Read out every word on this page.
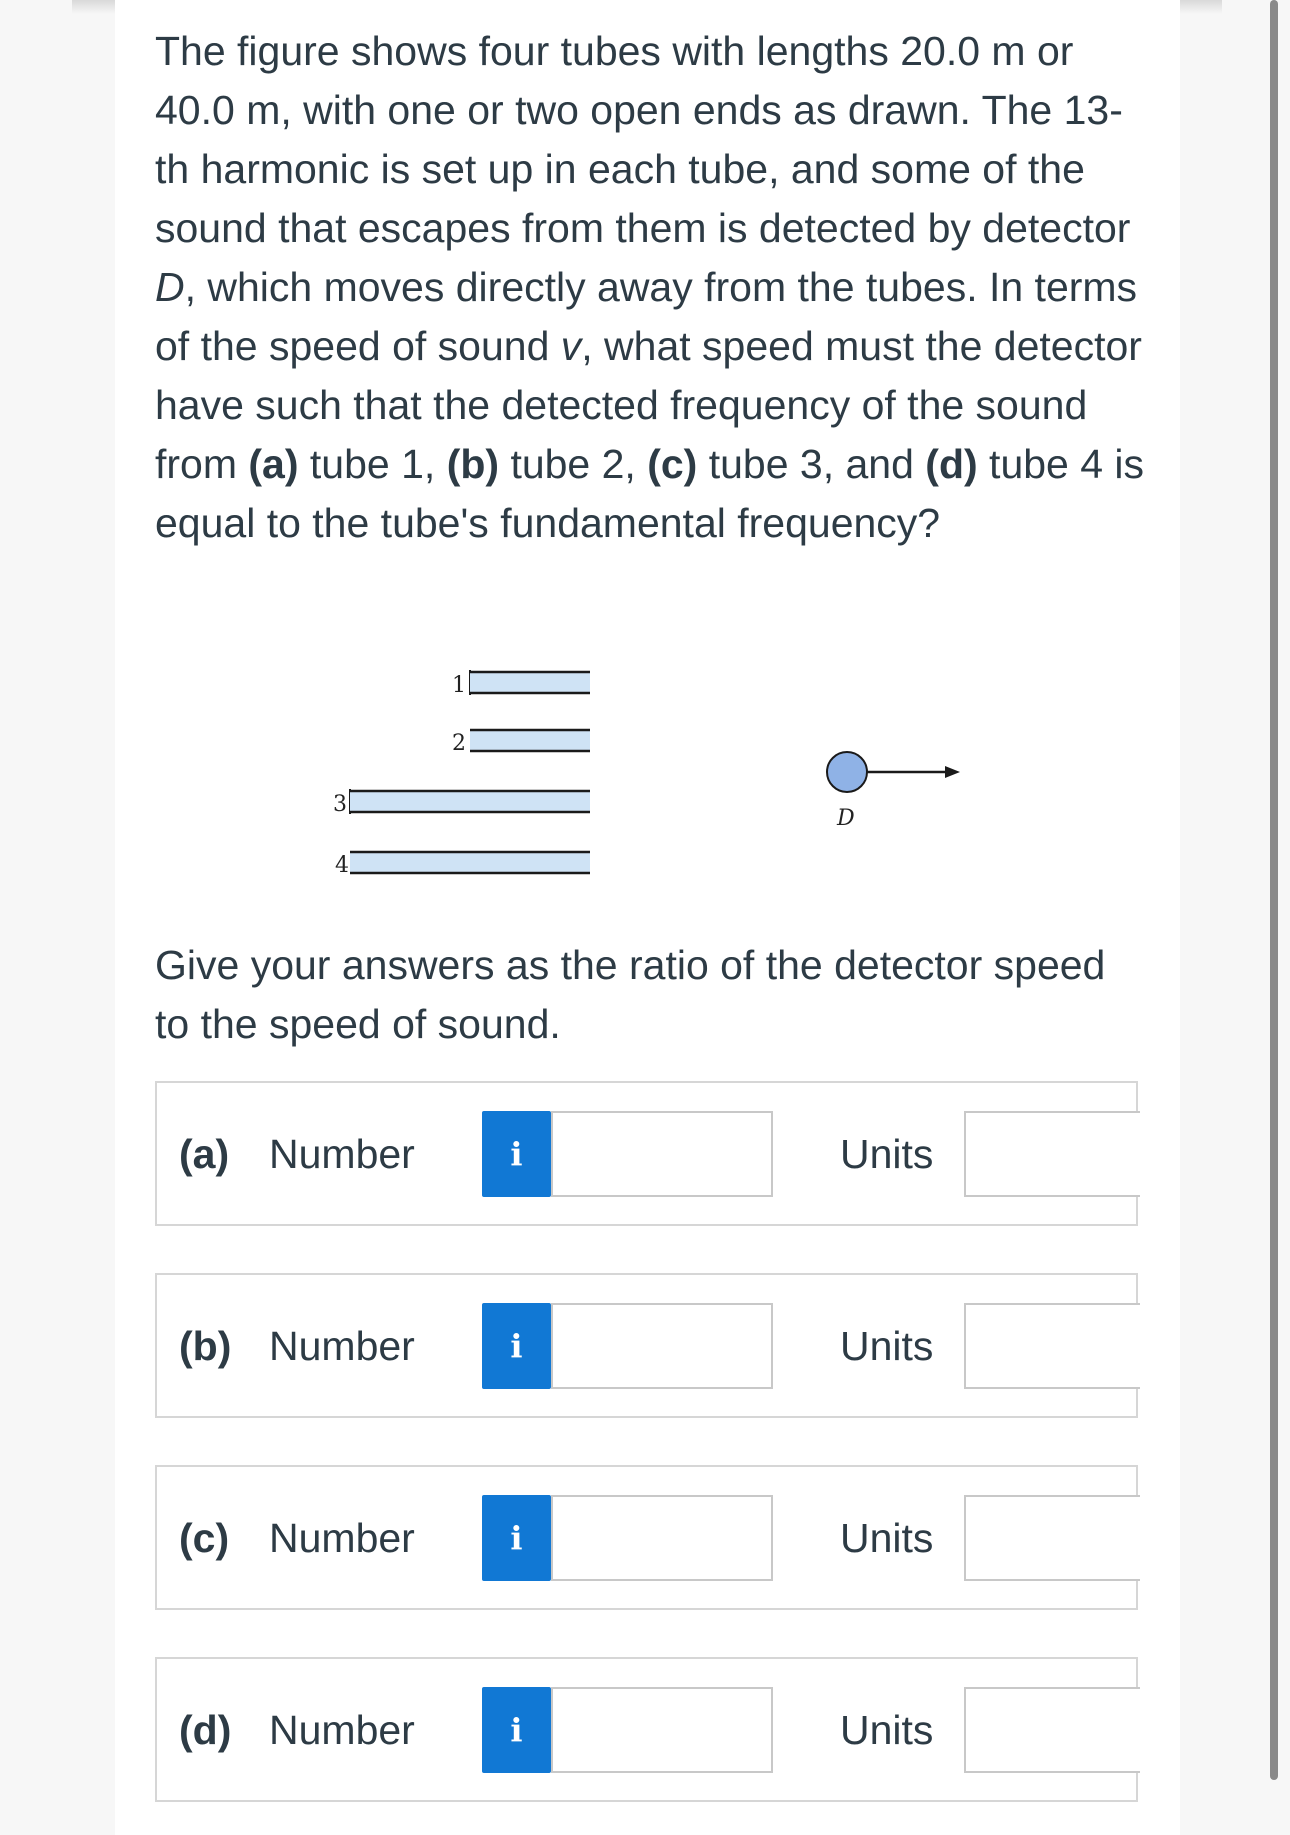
The figure shows four tubes with lengths 20.0 m or 40.0 m, with one or two open ends as drawn. The 13-th harmonic is set up in each tube, and some of the sound that escapes from them is detected by detector D, which moves directly away from the tubes. In terms of the speed of sound v, what speed must the detector have such that the detected frequency of the sound from (a) tube 1, (b) tube 2, (c) tube 3, and (d) tube 4 is equal to the tube's fundamental frequency?

1
2
3
4
D

Give your answers as the ratio of the detector speed to the speed of sound.

(a) Number	i	Units
(b) Number	i	Units
(c) Number	i	Units
(d) Number	i	Units
